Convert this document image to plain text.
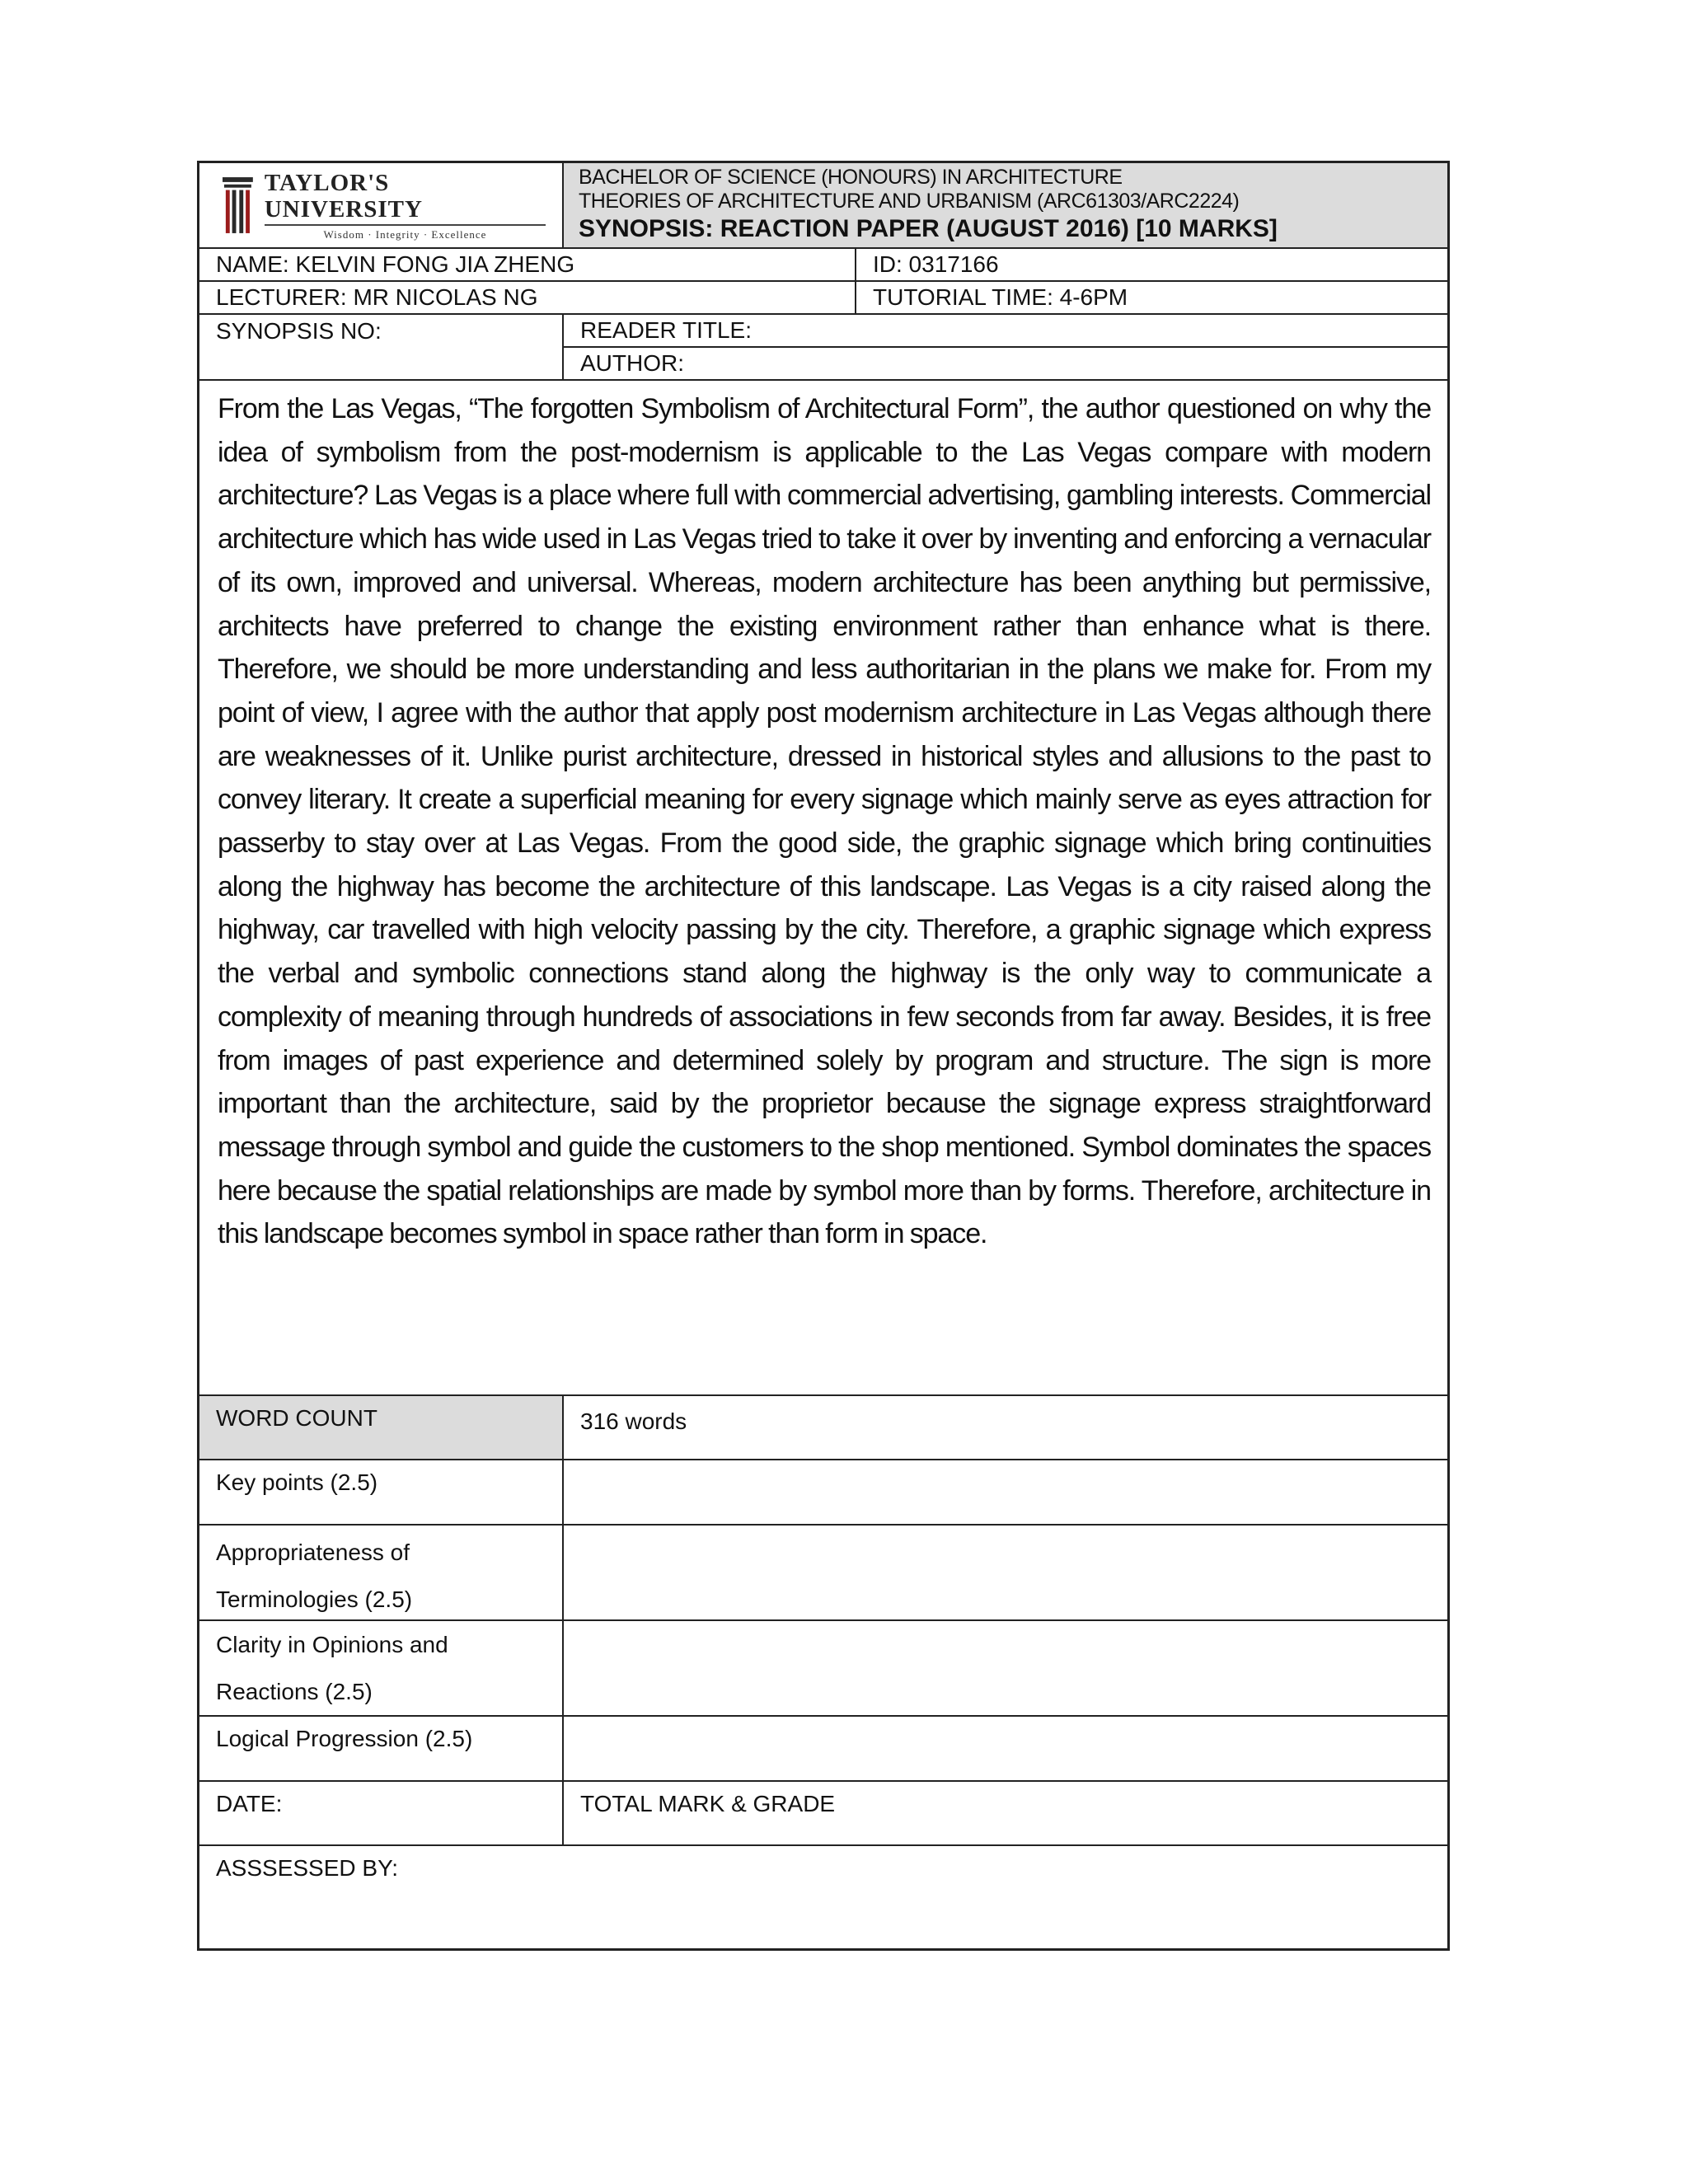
TAYLOR'S UNIVERSITY
Wisdom · Integrity · Excellence
BACHELOR OF SCIENCE (HONOURS) IN ARCHITECTURE
THEORIES OF ARCHITECTURE AND URBANISM (ARC61303/ARC2224)
SYNOPSIS: REACTION PAPER (AUGUST 2016) [10 MARKS]
NAME: KELVIN FONG JIA ZHENG	ID: 0317166
LECTURER: MR NICOLAS NG	TUTORIAL TIME: 4-6PM
SYNOPSIS NO:	READER TITLE:
AUTHOR:
From the Las Vegas, “The forgotten Symbolism of Architectural Form”, the author questioned on why the idea of symbolism from the post-modernism is applicable to the Las Vegas compare with modern architecture? Las Vegas is a place where full with commercial advertising, gambling interests. Commercial architecture which has wide used in Las Vegas tried to take it over by inventing and enforcing a vernacular of its own, improved and universal. Whereas, modern architecture has been anything but permissive, architects have preferred to change the existing environment rather than enhance what is there. Therefore, we should be more understanding and less authoritarian in the plans we make for. From my point of view, I agree with the author that apply post modernism architecture in Las Vegas although there are weaknesses of it. Unlike purist architecture, dressed in historical styles and allusions to the past to convey literary. It create a superficial meaning for every signage which mainly serve as eyes attraction for passerby to stay over at Las Vegas. From the good side, the graphic signage which bring continuities along the highway has become the architecture of this landscape. Las Vegas is a city raised along the highway, car travelled with high velocity passing by the city. Therefore, a graphic signage which express the verbal and symbolic connections stand along the highway is the only way to communicate a complexity of meaning through hundreds of associations in few seconds from far away. Besides, it is free from images of past experience and determined solely by program and structure. The sign is more important than the architecture, said by the proprietor because the signage express straightforward message through symbol and guide the customers to the shop mentioned. Symbol dominates the spaces here because the spatial relationships are made by symbol more than by forms. Therefore, architecture in this landscape becomes symbol in space rather than form in space.
WORD COUNT	316 words
Key points (2.5)
Appropriateness of
Terminologies (2.5)
Clarity in Opinions and
Reactions (2.5)
Logical Progression (2.5)
DATE:	TOTAL MARK & GRADE
ASSSESSED BY:
